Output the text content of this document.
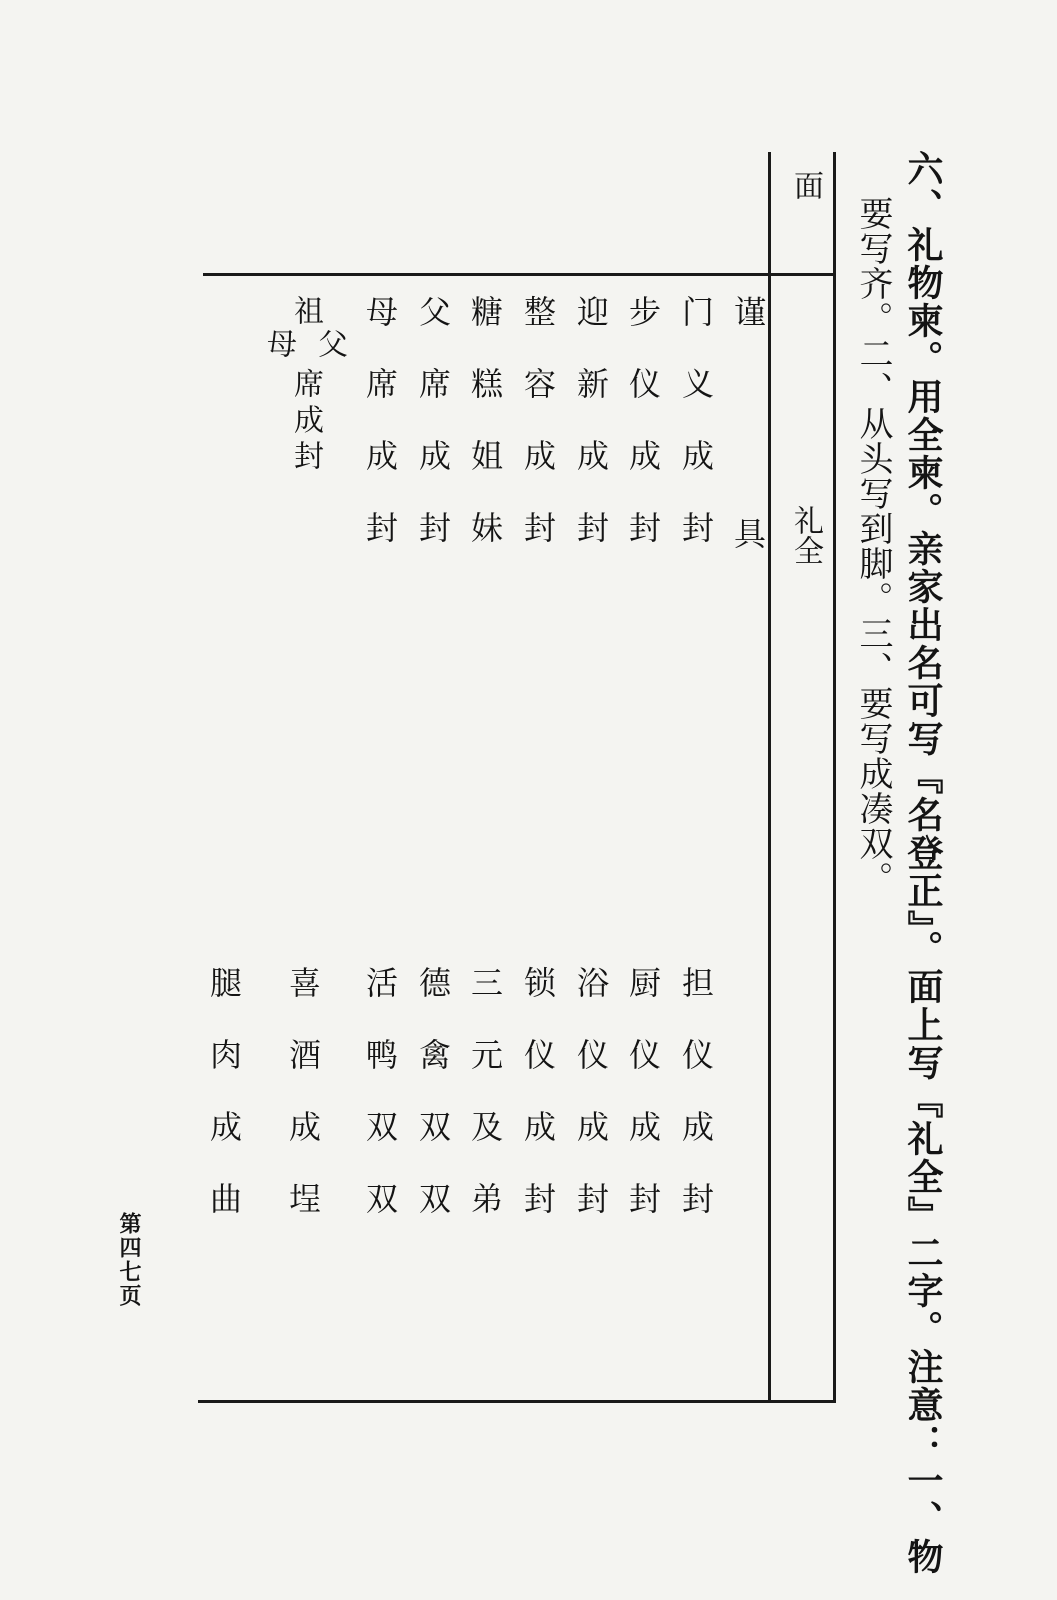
六、礼物柬。用全柬。亲家出名可写『名登正』。面上写『礼全』二字。注意：一、物
要写齐。二、从头写到脚。三、要写成凑双。
面
礼全
谨具
门义成封
步仪成封
迎新成封
整容成封
糖糕姐妹
父席成封
母席成封
祖
父
母
席成封
担仪成封
厨仪成封
浴仪成封
锁仪成封
三元及弟
德禽双双
活鸭双双
喜酒成埕
腿肉成曲
第四七页
